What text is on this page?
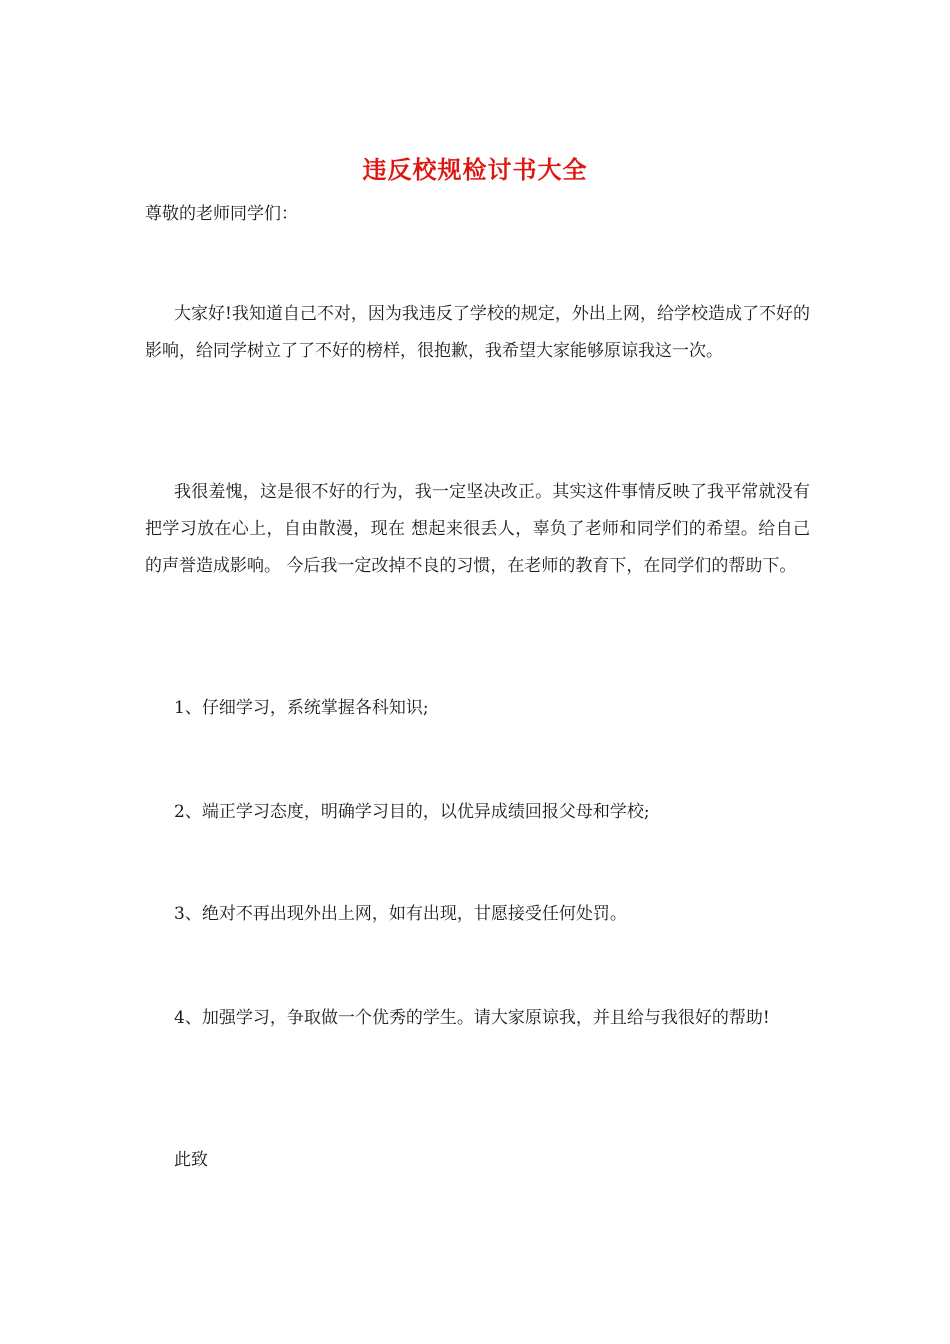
违反校规检讨书大全

尊敬的老师同学们：

大家好!我知道自己不对，因为我违反了学校的规定，外出上网，给学校造成了不好的影响，给同学树立了了不好的榜样，很抱歉，我希望大家能够原谅我这一次。

我很羞愧，这是很不好的行为，我一定坚决改正。其实这件事情反映了我平常就没有把学习放在心上，自由散漫，现在 想起来很丢人，辜负了老师和同学们的希望。给自己的声誉造成影响。 今后我一定改掉不良的习惯，在老师的教育下，在同学们的帮助下。

1、仔细学习，系统掌握各科知识;

2、端正学习态度，明确学习目的，以优异成绩回报父母和学校;

3、绝对不再出现外出上网，如有出现，甘愿接受任何处罚。

4、加强学习，争取做一个优秀的学生。请大家原谅我，并且给与我很好的帮助!

此致
